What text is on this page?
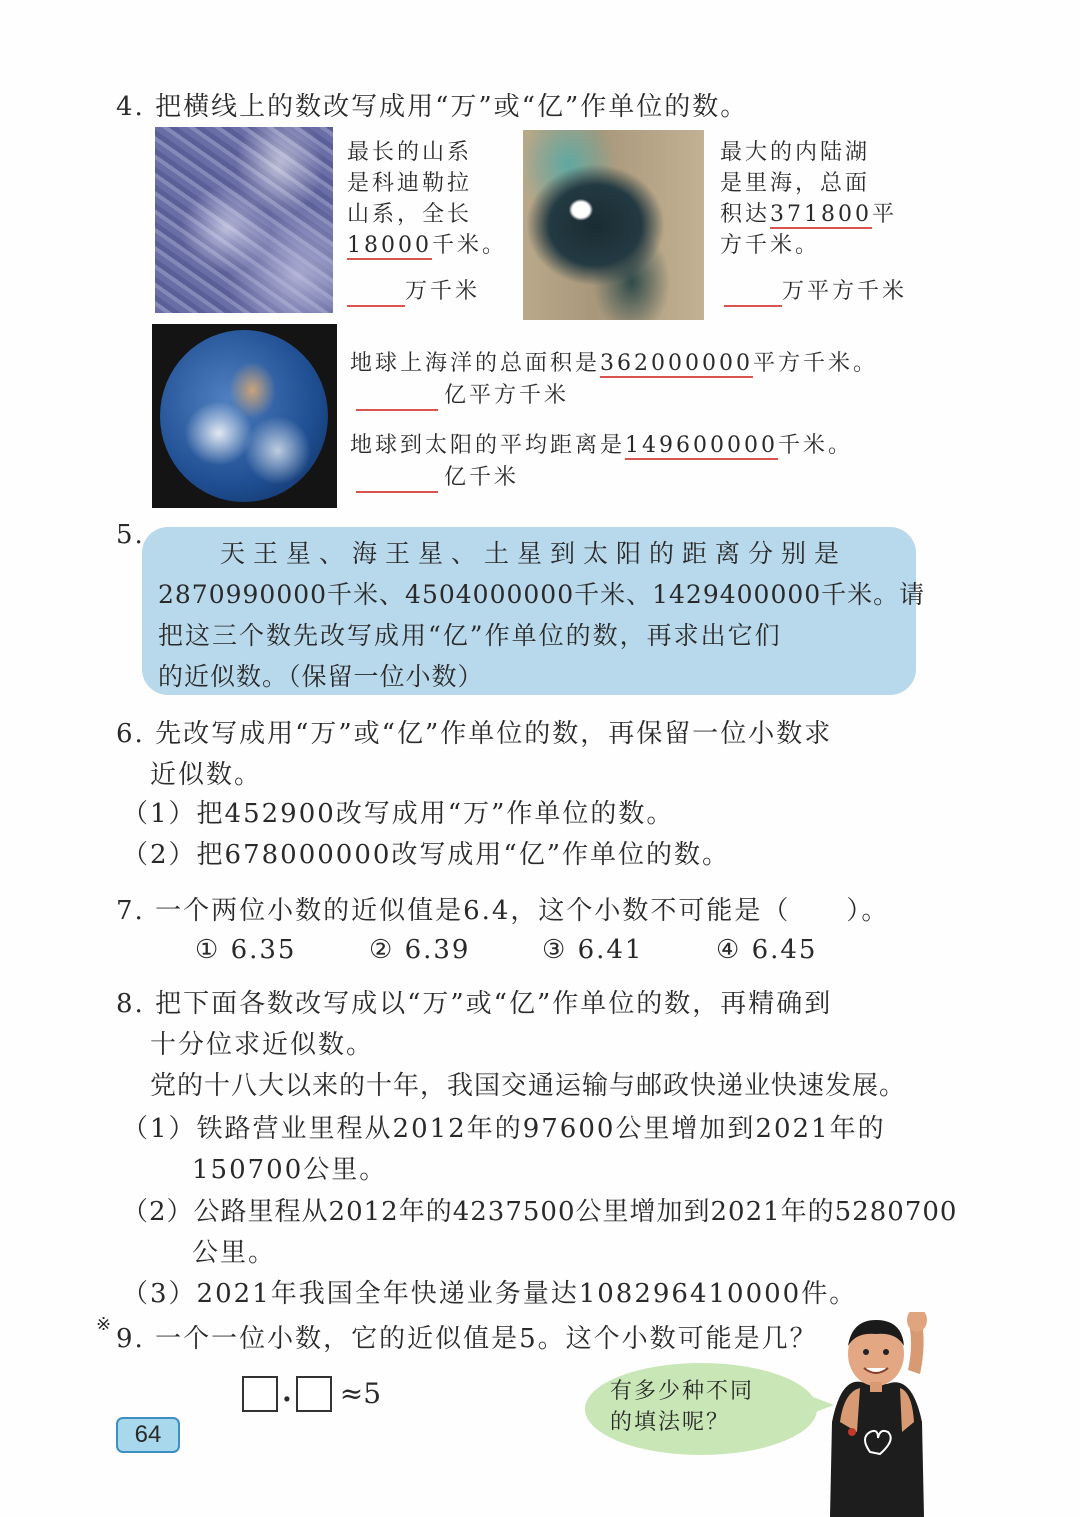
4. 把横线上的数改写成用“万”或“亿”作单位的数。
最长的山系
是科迪勒拉
山系，全长
18000千米。
万千米
最大的内陆湖
是里海，总面
积达371800平
方千米。
万平方千米
地球上海洋的总面积是362000000平方千米。
亿平方千米
地球到太阳的平均距离是149600000千米。
亿千米
5.
天王星、海王星、土星到太阳的距离分别是
2870990000千米、4504000000千米、1429400000千米。请
把这三个数先改写成用“亿”作单位的数，再求出它们
的近似数。（保留一位小数）
6. 先改写成用“万”或“亿”作单位的数，再保留一位小数求
近似数。
（1）把452900改写成用“万”作单位的数。
（2）把678000000改写成用“亿”作单位的数。
7. 一个两位小数的近似值是6.4，这个小数不可能是（　　）。
① 6.35	② 6.39	③ 6.41	④ 6.45
8. 把下面各数改写成以“万”或“亿”作单位的数，再精确到
十分位求近似数。
党的十八大以来的十年，我国交通运输与邮政快递业快速发展。
（1）铁路营业里程从2012年的97600公里增加到2021年的
150700公里。
（2）公路里程从2012年的4237500公里增加到2021年的5280700
公里。
（3）2021年我国全年快递业务量达108296410000件。
※ 9. 一个一位小数，它的近似值是5。这个小数可能是几？
. ≈5	有多少种不同
的填法呢？
64
